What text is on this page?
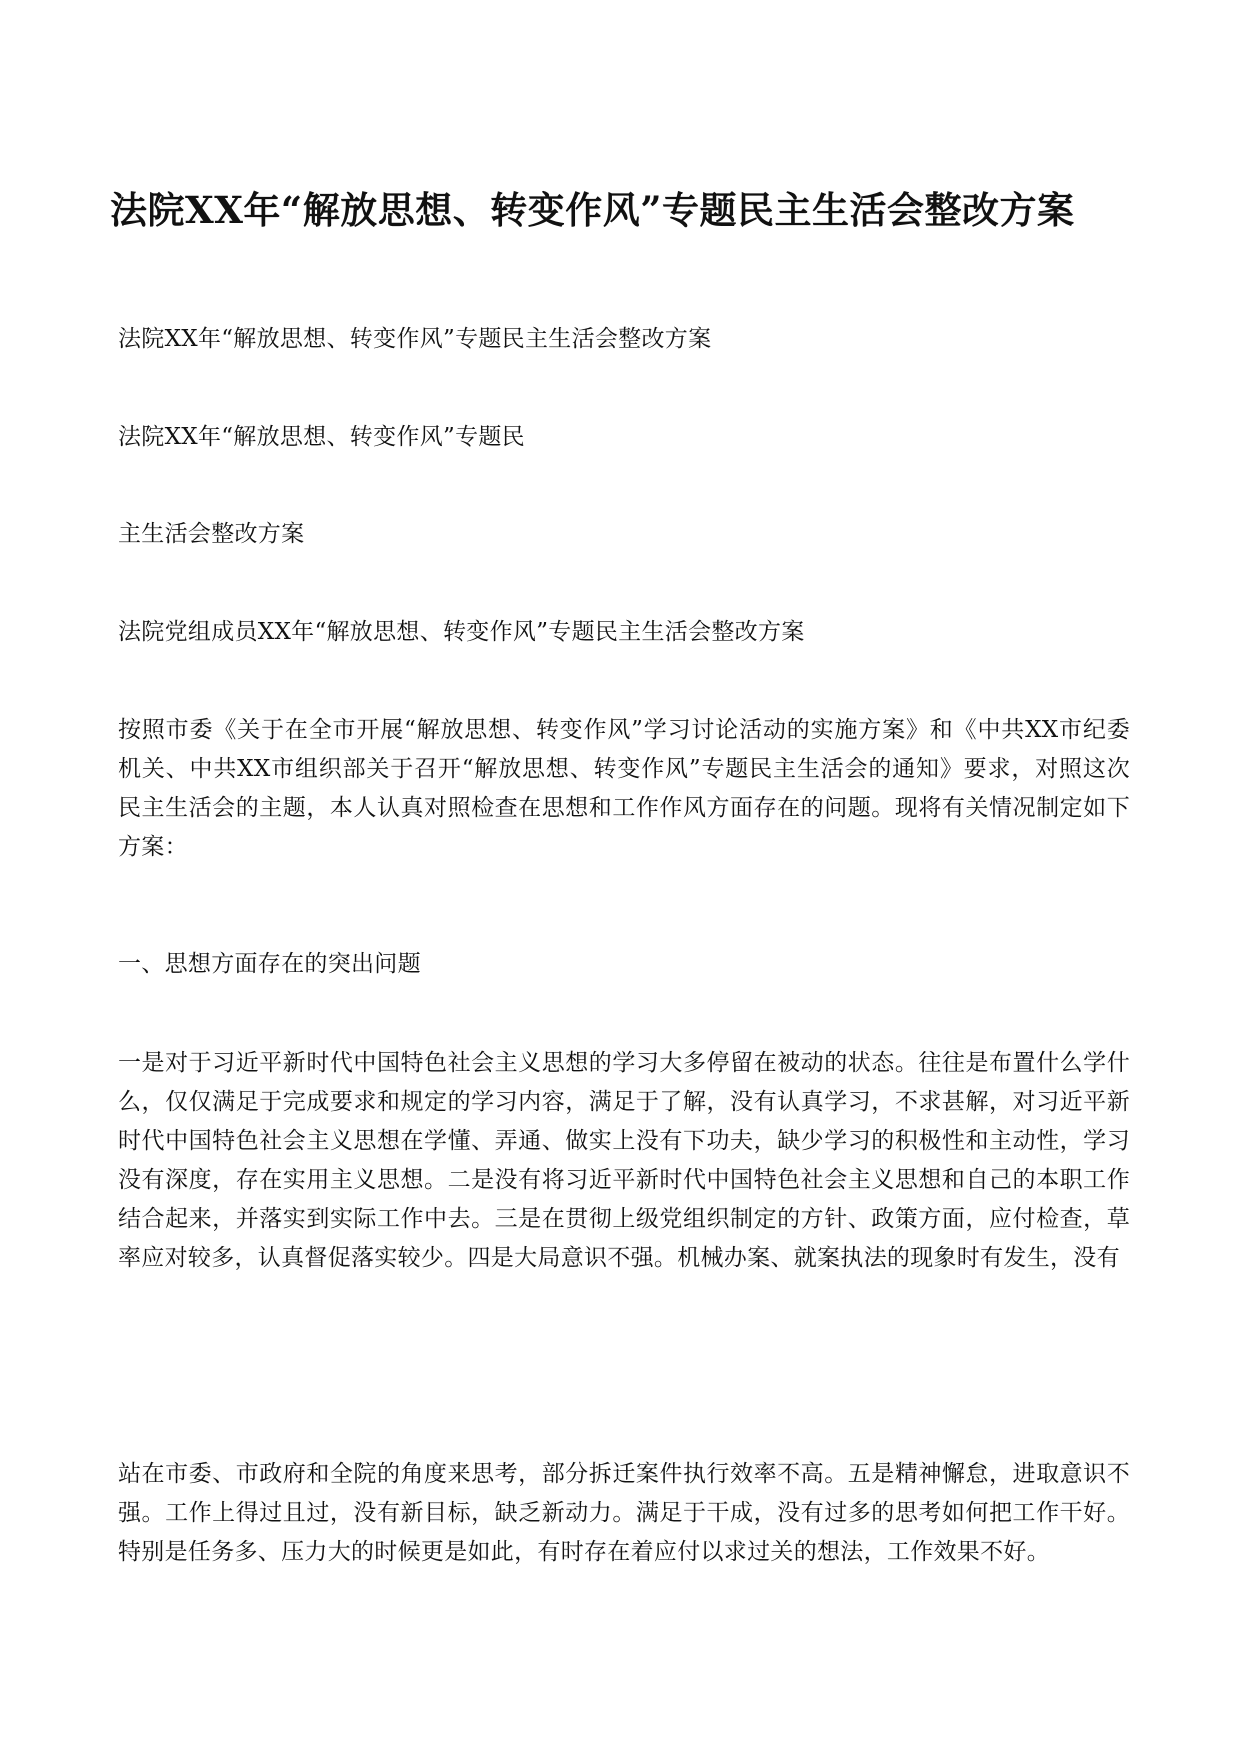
法院XX年“解放思想、转变作风”专题民主生活会整改方案

法院XX年“解放思想、转变作风”专题民主生活会整改方案

法院XX年“解放思想、转变作风”专题民

主生活会整改方案

法院党组成员XX年“解放思想、转变作风”专题民主生活会整改方案

按照市委《关于在全市开展“解放思想、转变作风”学习讨论活动的实施方案》和《中共XX市纪委机关、中共XX市组织部关于召开“解放思想、转变作风”专题民主生活会的通知》要求，对照这次民主生活会的主题，本人认真对照检查在思想和工作作风方面存在的问题。现将有关情况制定如下方案：

一、思想方面存在的突出问题

一是对于习近平新时代中国特色社会主义思想的学习大多停留在被动的状态。往往是布置什么学什么，仅仅满足于完成要求和规定的学习内容，满足于了解，没有认真学习，不求甚解，对习近平新时代中国特色社会主义思想在学懂、弄通、做实上没有下功夫，缺少学习的积极性和主动性，学习没有深度，存在实用主义思想。二是没有将习近平新时代中国特色社会主义思想和自己的本职工作结合起来，并落实到实际工作中去。三是在贯彻上级党组织制定的方针、政策方面，应付检查，草率应对较多，认真督促落实较少。四是大局意识不强。机械办案、就案执法的现象时有发生，没有

站在市委、市政府和全院的角度来思考，部分拆迁案件执行效率不高。五是精神懈怠，进取意识不强。工作上得过且过，没有新目标，缺乏新动力。满足于干成，没有过多的思考如何把工作干好。特别是任务多、压力大的时候更是如此，有时存在着应付以求过关的想法，工作效果不好。
